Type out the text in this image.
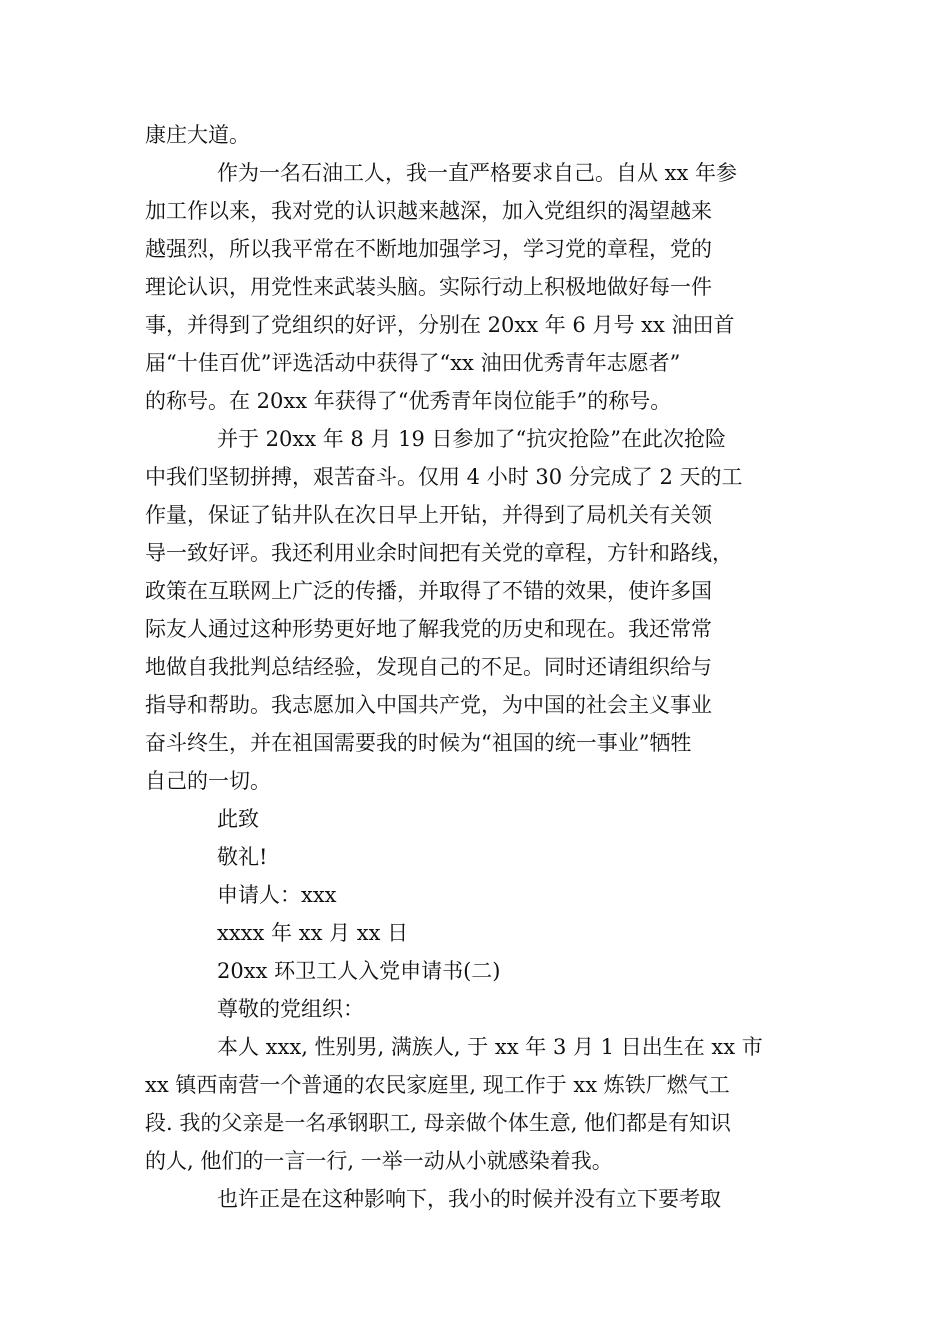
康庄大道。
作为一名石油工人，我一直严格要求自己。自从 xx 年参
加工作以来，我对党的认识越来越深，加入党组织的渴望越来
越强烈，所以我平常在不断地加强学习，学习党的章程，党的
理论认识，用党性来武装头脑。实际行动上积极地做好每一件
事，并得到了党组织的好评，分别在 20xx 年 6 月号 xx 油田首
届“十佳百优”评选活动中获得了“xx 油田优秀青年志愿者”
的称号。在 20xx 年获得了“优秀青年岗位能手”的称号。
并于 20xx 年 8 月 19 日参加了“抗灾抢险”在此次抢险
中我们坚韧拼搏，艰苦奋斗。仅用 4 小时 30 分完成了 2 天的工
作量，保证了钻井队在次日早上开钻，并得到了局机关有关领
导一致好评。我还利用业余时间把有关党的章程，方针和路线，
政策在互联网上广泛的传播，并取得了不错的效果，使许多国
际友人通过这种形势更好地了解我党的历史和现在。我还常常
地做自我批判总结经验，发现自己的不足。同时还请组织给与
指导和帮助。我志愿加入中国共产党，为中国的社会主义事业
奋斗终生，并在祖国需要我的时候为“祖国的统一事业”牺牲
自己的一切。
此致
敬礼!
申请人：xxx
xxxx 年 xx 月 xx 日
20xx 环卫工人入党申请书(二)
尊敬的党组织：
本人 xxx, 性别男, 满族人, 于 xx 年 3 月 1 日出生在 xx 市
xx 镇西南营一个普通的农民家庭里, 现工作于 xx 炼铁厂燃气工
段. 我的父亲是一名承钢职工, 母亲做个体生意, 他们都是有知识
的人, 他们的一言一行, 一举一动从小就感染着我。
也许正是在这种影响下，我小的时候并没有立下要考取
